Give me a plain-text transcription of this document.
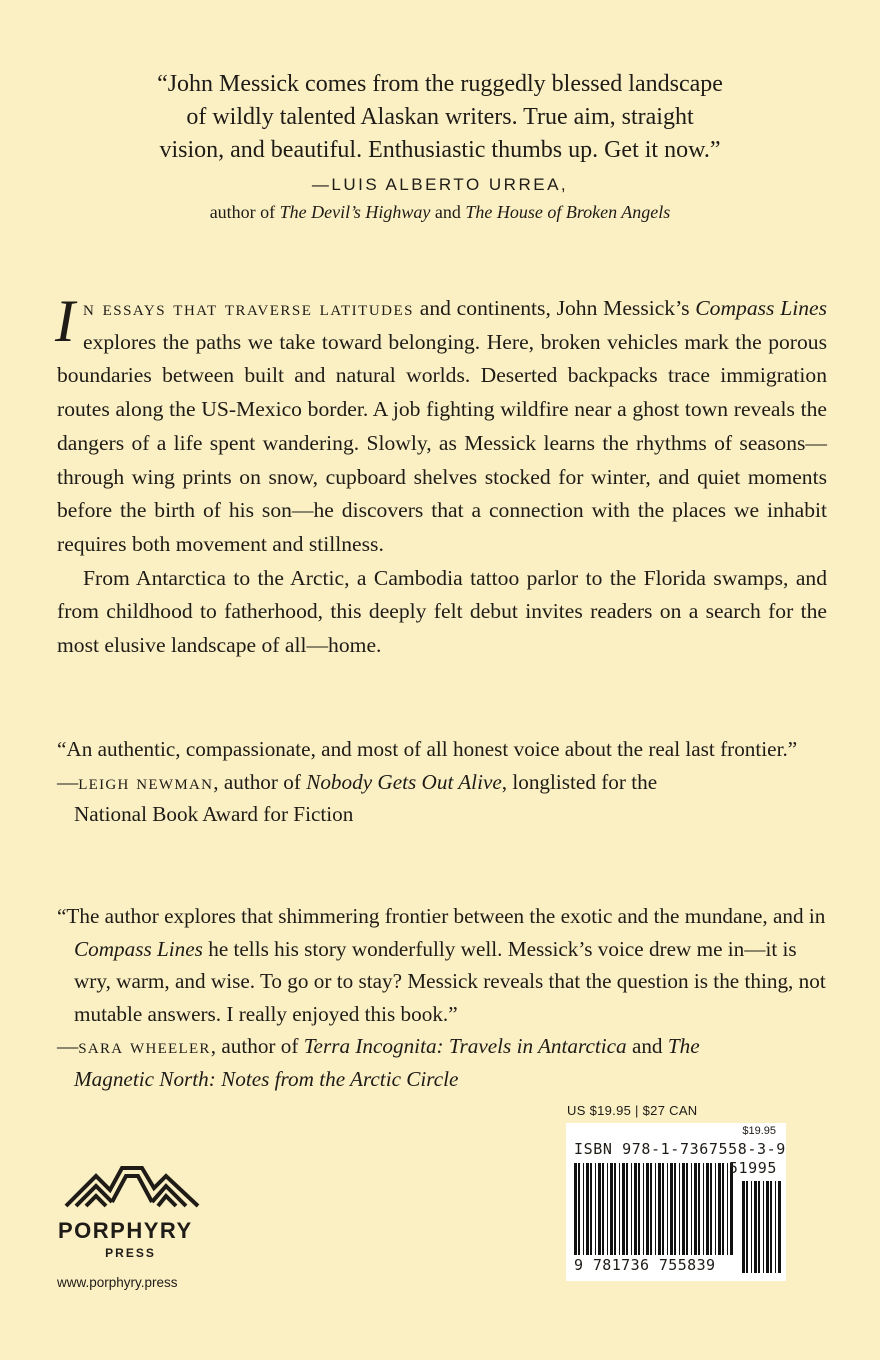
“John Messick comes from the ruggedly blessed landscape
of wildly talented Alaskan writers. True aim, straight
vision, and beautiful. Enthusiastic thumbs up. Get it now.”
—LUIS ALBERTO URREA,
author of The Devil’s Highway and The House of Broken Angels

In essays that traverse latitudes and continents, John Messick’s Compass Lines explores the paths we take toward belonging. Here, broken vehicles mark the porous boundaries between built and natural worlds. Deserted backpacks trace immigration routes along the US-Mexico border. A job fighting wildfire near a ghost town reveals the dangers of a life spent wandering. Slowly, as Messick learns the rhythms of seasons—through wing prints on snow, cupboard shelves stocked for winter, and quiet moments before the birth of his son—he discovers that a connection with the places we inhabit requires both movement and stillness.

From Antarctica to the Arctic, a Cambodia tattoo parlor to the Florida swamps, and from childhood to fatherhood, this deeply felt debut invites readers on a search for the most elusive landscape of all—home.

“An authentic, compassionate, and most of all honest voice about the real last frontier.”

—leigh newman, author of Nobody Gets Out Alive, longlisted for the
National Book Award for Fiction

“The author explores that shimmering frontier between the exotic and the mundane, and in Compass Lines he tells his story wonderfully well. Messick’s voice drew me in—it is wry, warm, and wise. To go or to stay? Messick reveals that the question is the thing, not mutable answers. I really enjoyed this book.”

—sara wheeler, author of Terra Incognita: Travels in Antarctica and The
Magnetic North: Notes from the Arctic Circle

US $19.95 | $27 CAN
$19.95
ISBN 978-1-7367558-3-9
51995
9 781736 755839
PORPHYRY
PRESS
www.porphyry.press
